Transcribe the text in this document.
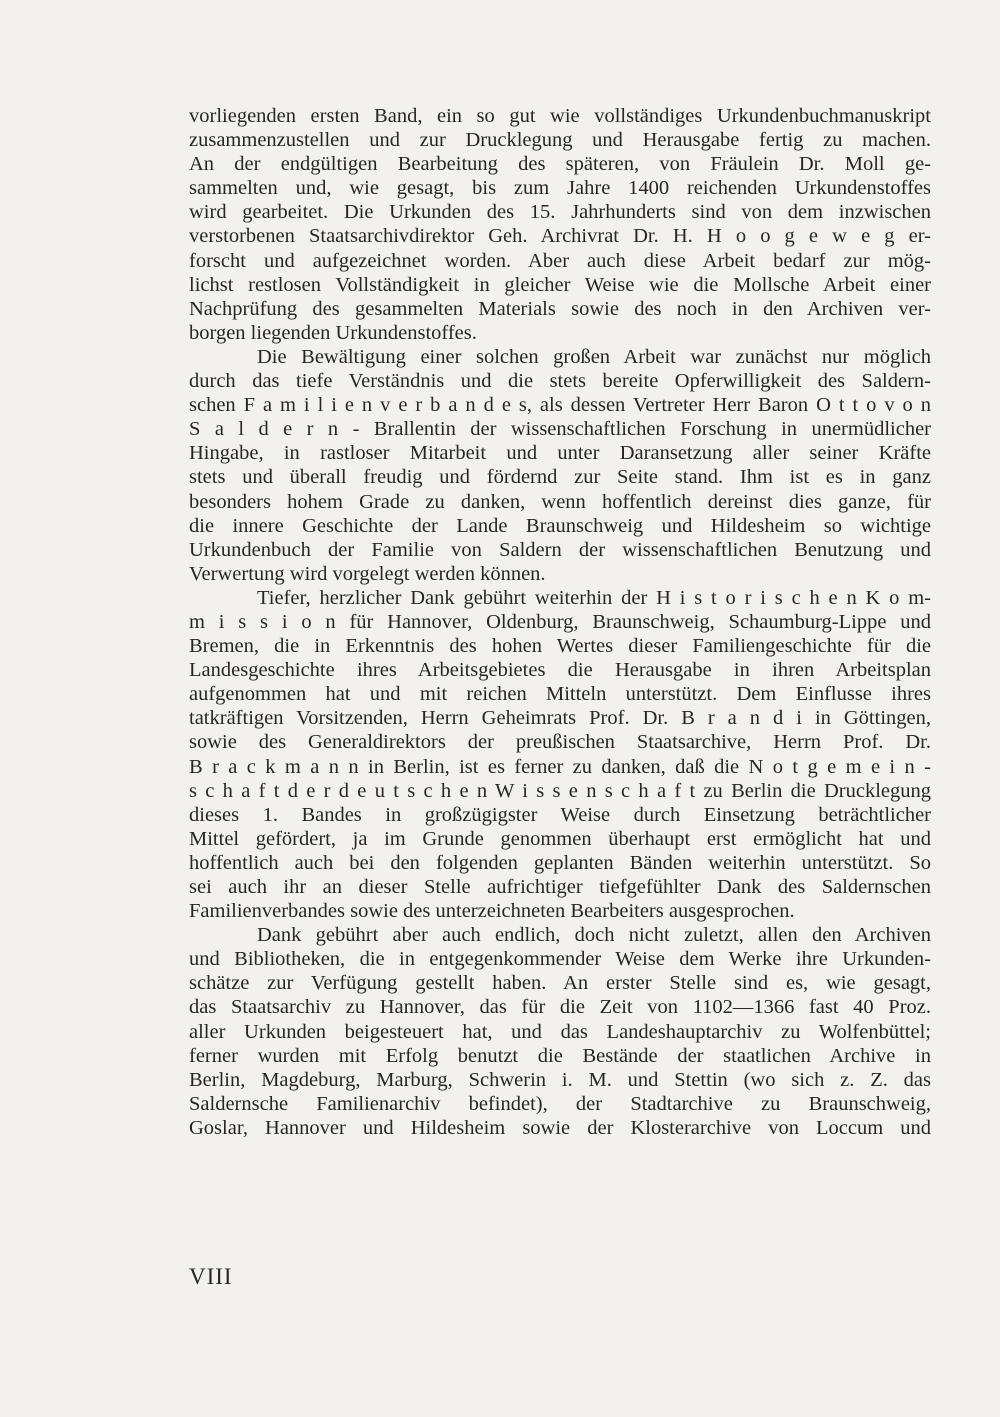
vorliegenden ersten Band, ein so gut wie vollständiges Urkundenbuchmanuskript
zusammenzustellen und zur Drucklegung und Herausgabe fertig zu machen.
An der endgültigen Bearbeitung des späteren, von Fräulein Dr. Moll ge-
sammelten und, wie gesagt, bis zum Jahre 1400 reichenden Urkundenstoffes
wird gearbeitet. Die Urkunden des 15. Jahrhunderts sind von dem inzwischen
verstorbenen Staatsarchivdirektor Geh. Archivrat Dr. H. H o o g e w e g er-
forscht und aufgezeichnet worden. Aber auch diese Arbeit bedarf zur mög-
lichst restlosen Vollständigkeit in gleicher Weise wie die Mollsche Arbeit einer
Nachprüfung des gesammelten Materials sowie des noch in den Archiven ver-
borgen liegenden Urkundenstoffes.
Die Bewältigung einer solchen großen Arbeit war zunächst nur möglich
durch das tiefe Verständnis und die stets bereite Opferwilligkeit des Saldern-
schen F a m i l i e n v e r b a n d e s, als dessen Vertreter Herr Baron O t t o v o n
S a l d e r n - Brallentin der wissenschaftlichen Forschung in unermüdlicher
Hingabe, in rastloser Mitarbeit und unter Daransetzung aller seiner Kräfte
stets und überall freudig und fördernd zur Seite stand. Ihm ist es in ganz
besonders hohem Grade zu danken, wenn hoffentlich dereinst dies ganze, für
die innere Geschichte der Lande Braunschweig und Hildesheim so wichtige
Urkundenbuch der Familie von Saldern der wissenschaftlichen Benutzung und
Verwertung wird vorgelegt werden können.
Tiefer, herzlicher Dank gebührt weiterhin der H i s t o r i s c h e n K o m-
m i s s i o n für Hannover, Oldenburg, Braunschweig, Schaumburg-Lippe und
Bremen, die in Erkenntnis des hohen Wertes dieser Familiengeschichte für die
Landesgeschichte ihres Arbeitsgebietes die Herausgabe in ihren Arbeitsplan
aufgenommen hat und mit reichen Mitteln unterstützt. Dem Einflusse ihres
tatkräftigen Vorsitzenden, Herrn Geheimrats Prof. Dr. B r a n d i in Göttingen,
sowie des Generaldirektors der preußischen Staatsarchive, Herrn Prof. Dr.
B r a c k m a n n in Berlin, ist es ferner zu danken, daß die N o t g e m e i n -
s c h a f t d e r d e u t s c h e n W i s s e n s c h a f t zu Berlin die Drucklegung
dieses 1. Bandes in großzügigster Weise durch Einsetzung beträchtlicher
Mittel gefördert, ja im Grunde genommen überhaupt erst ermöglicht hat und
hoffentlich auch bei den folgenden geplanten Bänden weiterhin unterstützt. So
sei auch ihr an dieser Stelle aufrichtiger tiefgefühlter Dank des Saldernschen
Familienverbandes sowie des unterzeichneten Bearbeiters ausgesprochen.
Dank gebührt aber auch endlich, doch nicht zuletzt, allen den Archiven
und Bibliotheken, die in entgegenkommender Weise dem Werke ihre Urkunden-
schätze zur Verfügung gestellt haben. An erster Stelle sind es, wie gesagt,
das Staatsarchiv zu Hannover, das für die Zeit von 1102—1366 fast 40 Proz.
aller Urkunden beigesteuert hat, und das Landeshauptarchiv zu Wolfenbüttel;
ferner wurden mit Erfolg benutzt die Bestände der staatlichen Archive in
Berlin, Magdeburg, Marburg, Schwerin i. M. und Stettin (wo sich z. Z. das
Saldernsche Familienarchiv befindet), der Stadtarchive zu Braunschweig,
Goslar, Hannover und Hildesheim sowie der Klosterarchive von Loccum und
VIII
